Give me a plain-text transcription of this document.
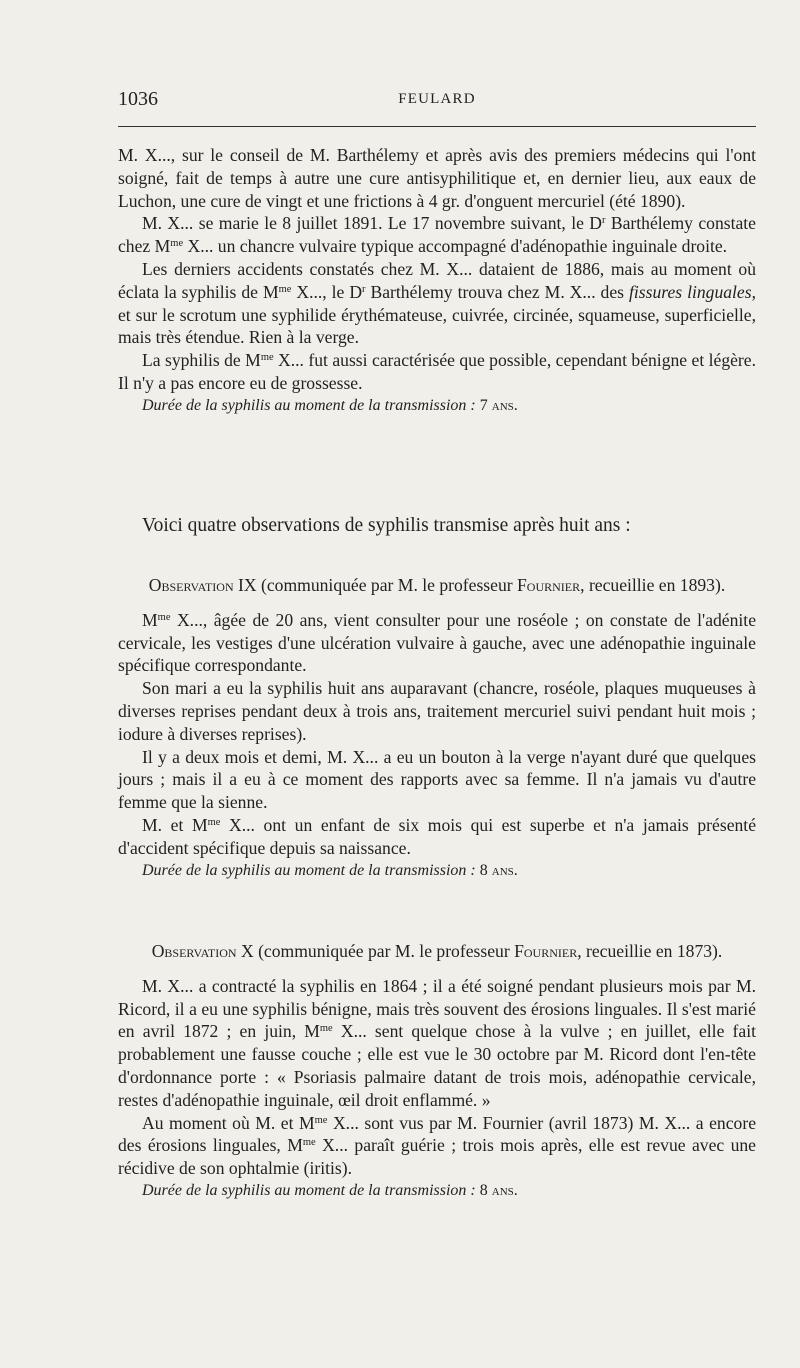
1036	FEULARD

M. X..., sur le conseil de M. Barthélemy et après avis des premiers médecins qui l'ont soigné, fait de temps à autre une cure antisyphilitique et, en dernier lieu, aux eaux de Luchon, une cure de vingt et une frictions à 4 gr. d'onguent mercuriel (été 1890).

M. X... se marie le 8 juillet 1891. Le 17 novembre suivant, le $D^r$ Barthélemy constate chez $M^{me}$ X... un chancre vulvaire typique accompagné d'adénopathie inguinale droite.

Les derniers accidents constatés chez M. X... dataient de 1886, mais au moment où éclata la syphilis de $M^{me}$ X..., le $D^r$ Barthélemy trouva chez M. X... des fissures linguales, et sur le scrotum une syphilide érythémateuse, cuivrée, circinée, squameuse, superficielle, mais très étendue. Rien à la verge.

La syphilis de $M^{me}$ X... fut aussi caractérisée que possible, cependant bénigne et légère. Il n'y a pas encore eu de grossesse.

Durée de la syphilis au moment de la transmission : 7 ans.

Voici quatre observations de syphilis transmise après huit ans :

Observation IX (communiquée par M. le professeur Fournier, recueillie en 1893).

$M^{me}$ X..., âgée de 20 ans, vient consulter pour une roséole ; on constate de l'adénite cervicale, les vestiges d'une ulcération vulvaire à gauche, avec une adénopathie inguinale spécifique correspondante.

Son mari a eu la syphilis huit ans auparavant (chancre, roséole, plaques muqueuses à diverses reprises pendant deux à trois ans, traitement mercuriel suivi pendant huit mois ; iodure à diverses reprises).

Il y a deux mois et demi, M. X... a eu un bouton à la verge n'ayant duré que quelques jours ; mais il a eu à ce moment des rapports avec sa femme. Il n'a jamais vu d'autre femme que la sienne.

M. et $M^{me}$ X... ont un enfant de six mois qui est superbe et n'a jamais présenté d'accident spécifique depuis sa naissance.

Durée de la syphilis au moment de la transmission : 8 ans.

Observation X (communiquée par M. le professeur Fournier, recueillie en 1873).

M. X... a contracté la syphilis en 1864 ; il a été soigné pendant plusieurs mois par M. Ricord, il a eu une syphilis bénigne, mais très souvent des érosions linguales. Il s'est marié en avril 1872 ; en juin, $M^{me}$ X... sent quelque chose à la vulve ; en juillet, elle fait probablement une fausse couche ; elle est vue le 30 octobre par M. Ricord dont l'en-tête d'ordonnance porte : « Psoriasis palmaire datant de trois mois, adénopathie cervicale, restes d'adénopathie inguinale, œil droit enflammé. »

Au moment où M. et $M^{me}$ X... sont vus par M. Fournier (avril 1873) M. X... a encore des érosions linguales, $M^{me}$ X... paraît guérie ; trois mois après, elle est revue avec une récidive de son ophtalmie (iritis).

Durée de la syphilis au moment de la transmission : 8 ans.
